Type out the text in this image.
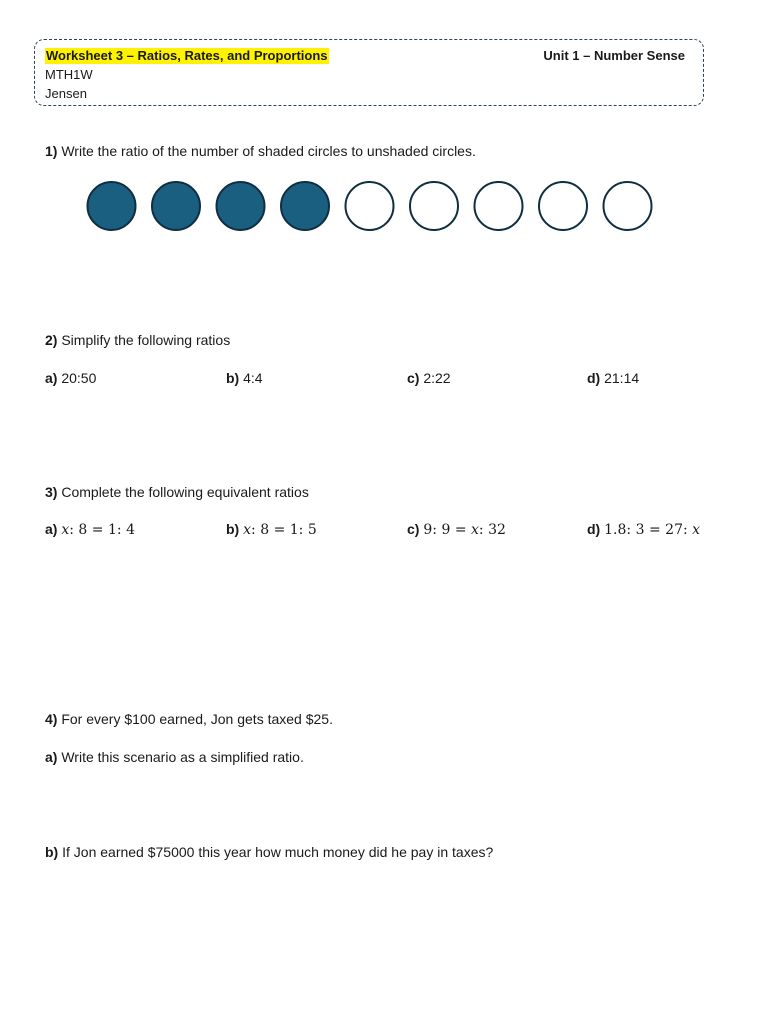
Worksheet 3 – Ratios, Rates, and Proportions	Unit 1 – Number Sense
MTH1W
Jensen
1) Write the ratio of the number of shaded circles to unshaded circles.
2) Simplify the following ratios
a) 20:50	b) 4:4	c) 2:22	d) 21:14
3) Complete the following equivalent ratios
a) x: 8 = 1: 4	b) x: 8 = 1: 5	c) 9: 9 = x: 32	d) 1.8: 3 = 27: x
4) For every $100 earned, Jon gets taxed $25.
a) Write this scenario as a simplified ratio.
b) If Jon earned $75000 this year how much money did he pay in taxes?
